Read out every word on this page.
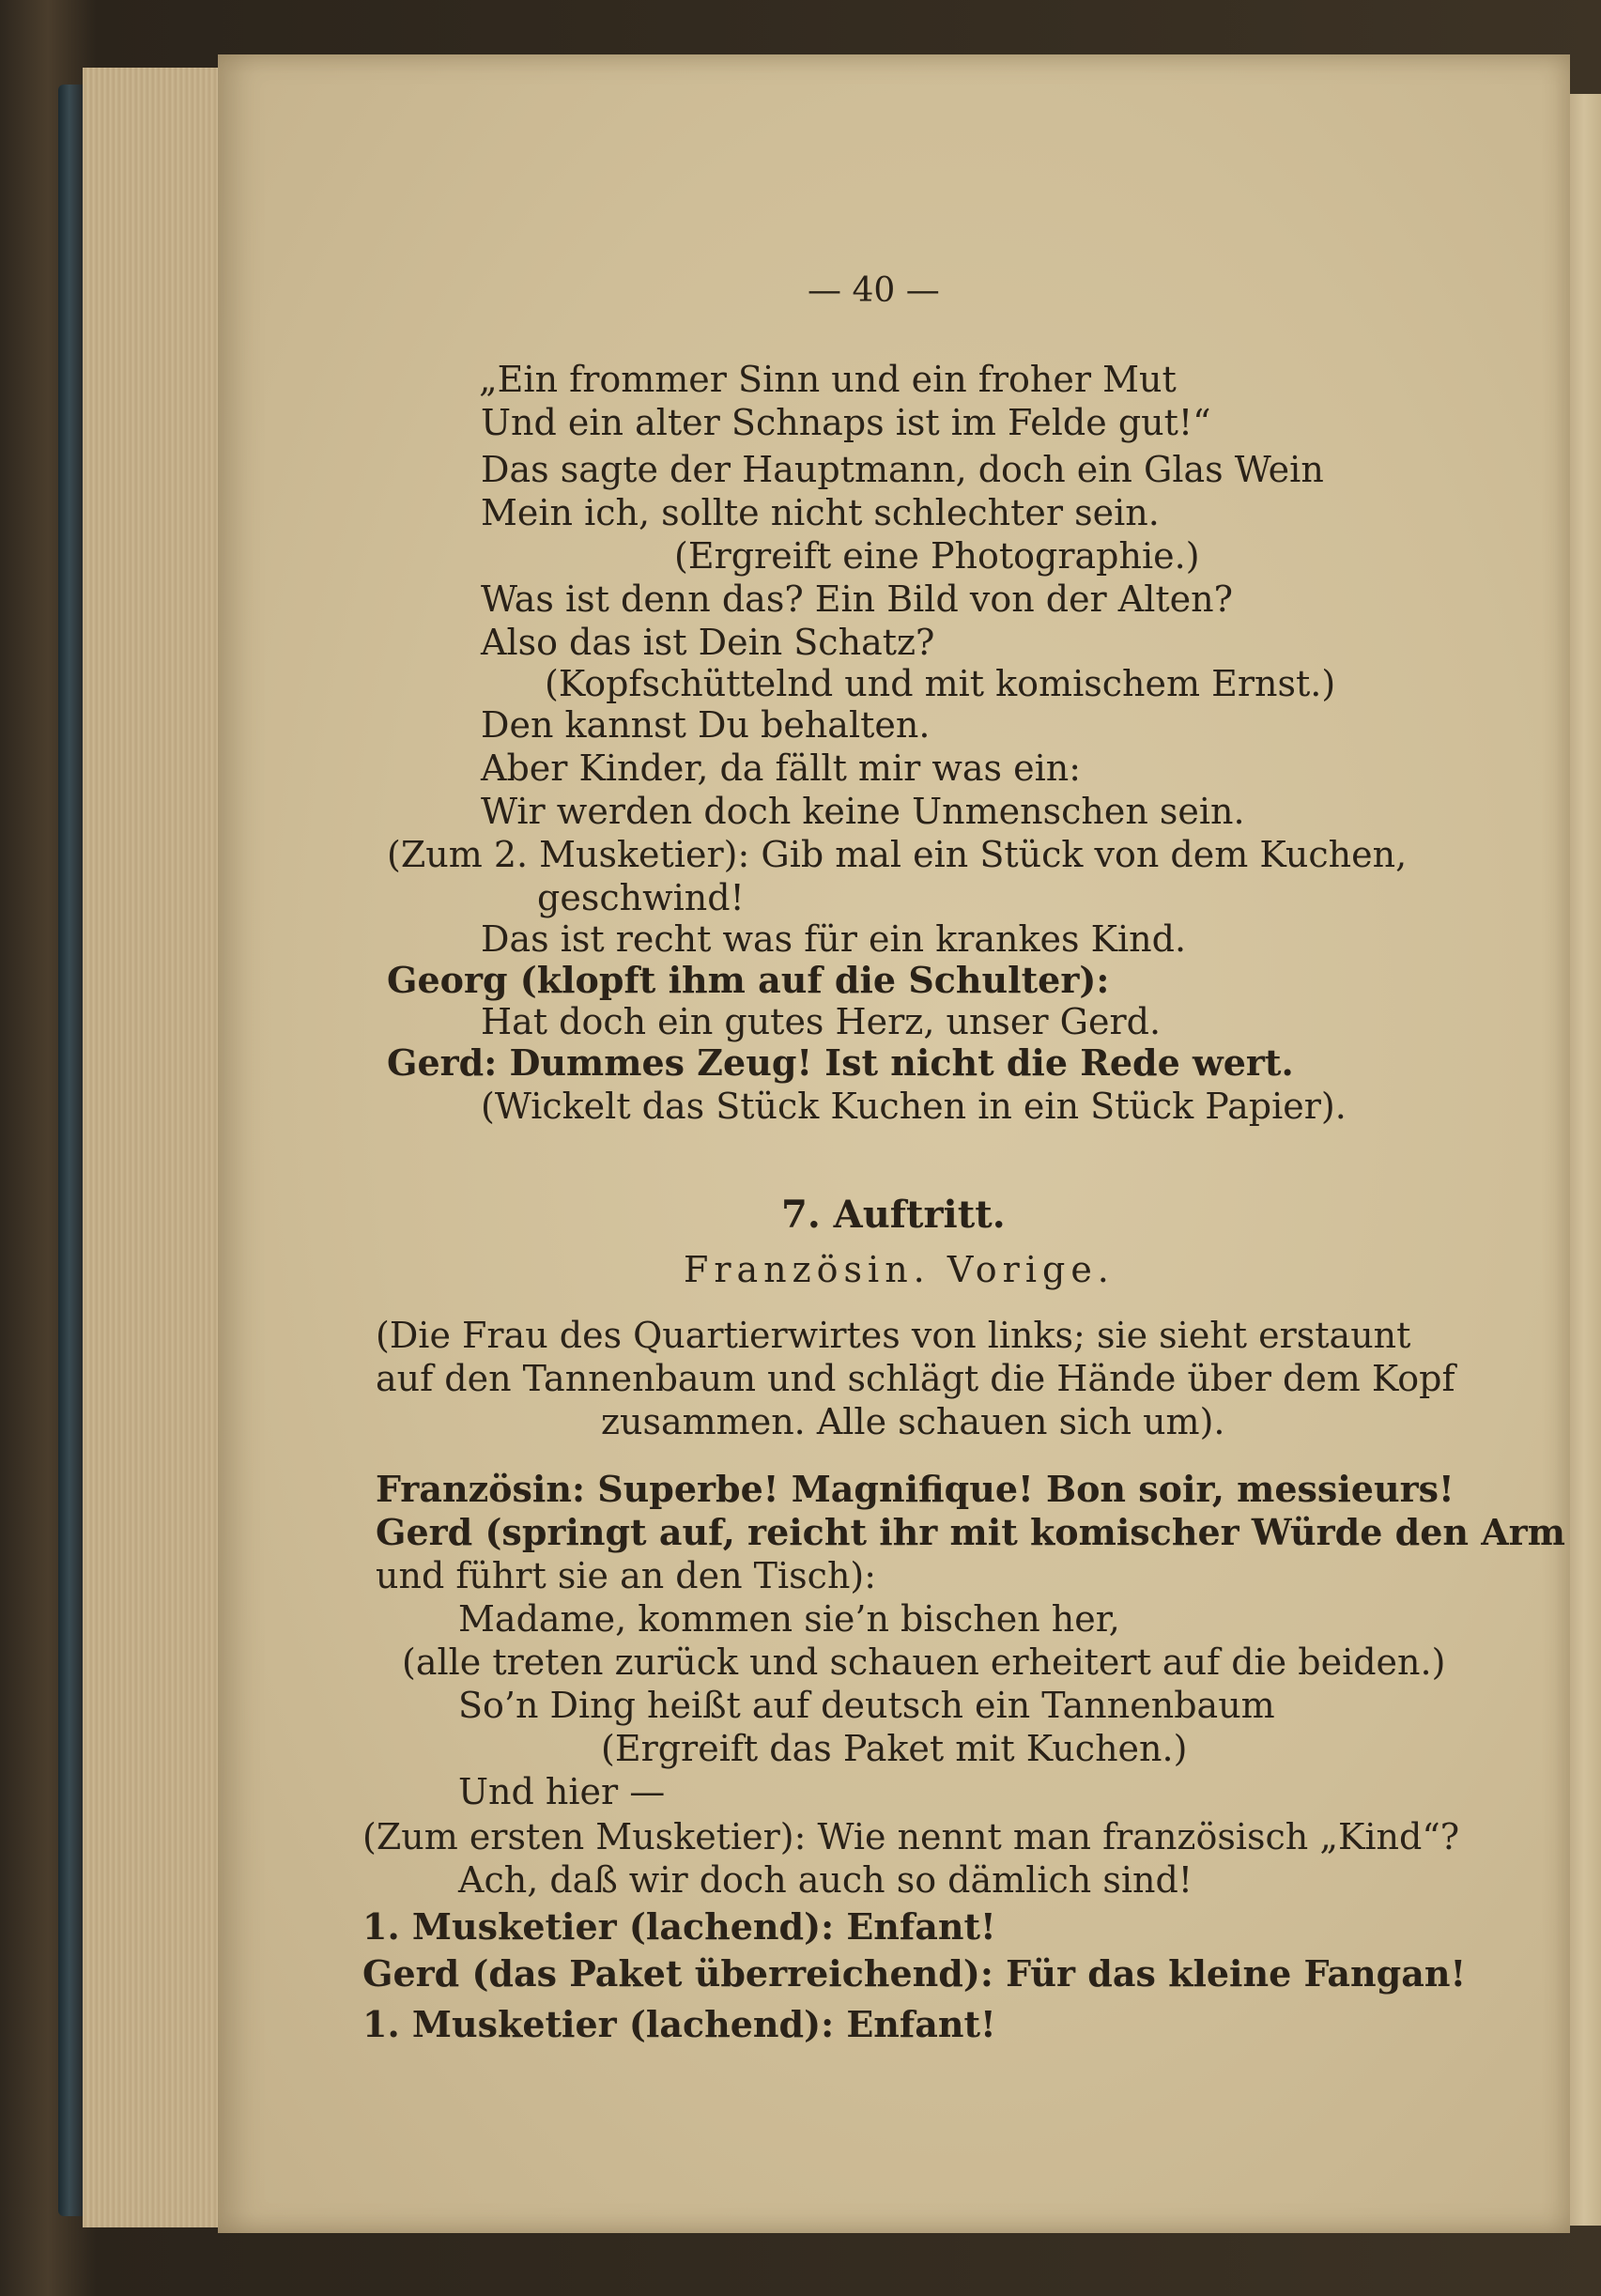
— 40 —
„Ein frommer Sinn und ein froher Mut
Und ein alter Schnaps ist im Felde gut!“
Das sagte der Hauptmann, doch ein Glas Wein
Mein ich, sollte nicht schlechter sein.
(Ergreift eine Photographie.)
Was ist denn das? Ein Bild von der Alten?
Also das ist Dein Schatz?
(Kopfschüttelnd und mit komischem Ernst.)
Den kannst Du behalten.
Aber Kinder, da fällt mir was ein:
Wir werden doch keine Unmenschen sein.
(Zum 2. Musketier): Gib mal ein Stück von dem Kuchen,
geschwind!
Das ist recht was für ein krankes Kind.
Georg (klopft ihm auf die Schulter):
Hat doch ein gutes Herz, unser Gerd.
Gerd: Dummes Zeug! Ist nicht die Rede wert.
(Wickelt das Stück Kuchen in ein Stück Papier).
7. Auftritt.
Französin. Vorige.
(Die Frau des Quartierwirtes von links; sie sieht erstaunt
auf den Tannenbaum und schlägt die Hände über dem Kopf
zusammen. Alle schauen sich um).
Französin: Superbe! Magnifique! Bon soir, messieurs!
Gerd (springt auf, reicht ihr mit komischer Würde den Arm
und führt sie an den Tisch):
Madame, kommen sie’n bischen her,
(alle treten zurück und schauen erheitert auf die beiden.)
So’n Ding heißt auf deutsch ein Tannenbaum
(Ergreift das Paket mit Kuchen.)
Und hier —
(Zum ersten Musketier): Wie nennt man französisch „Kind“?
Ach, daß wir doch auch so dämlich sind!
1. Musketier (lachend): Enfant!
Gerd (das Paket überreichend): Für das kleine Fangan!
1. Musketier (lachend): Enfant!
